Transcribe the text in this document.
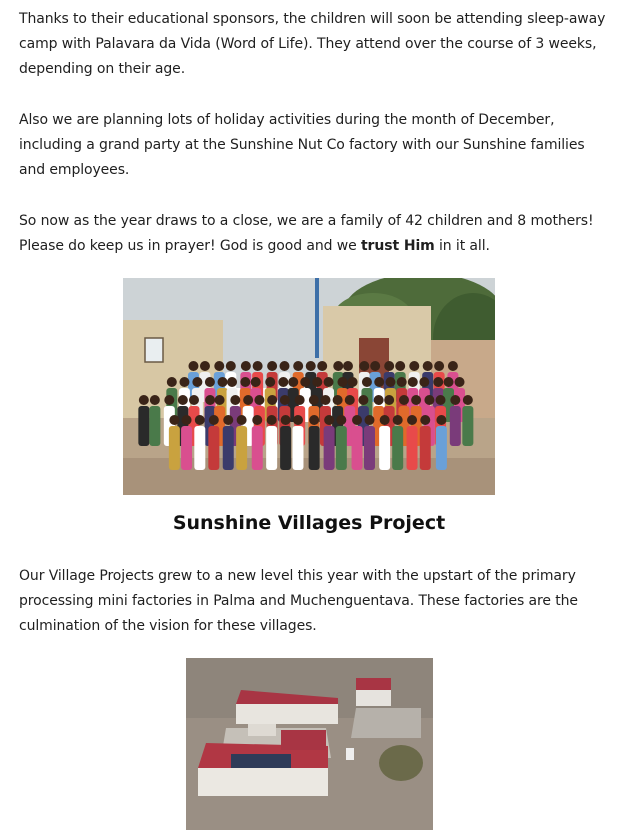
Thanks to their educational sponsors, the children will soon be attending sleep-away camp with Palavara da Vida (Word of Life). They attend over the course of 3 weeks, depending on their age.

Also we are planning lots of holiday activities during the month of December, including a grand party at the Sunshine Nut Co factory with our Sunshine families and employees.

So now as the year draws to a close, we are a family of 42 children and 8 mothers! Please do keep us in prayer! God is good and we trust Him in it all.

Sunshine Villages Project

Our Village Projects grew to a new level this year with the upstart of the primary processing mini factories in Palma and Muchenguentava. These factories are the culmination of the vision for these villages.
